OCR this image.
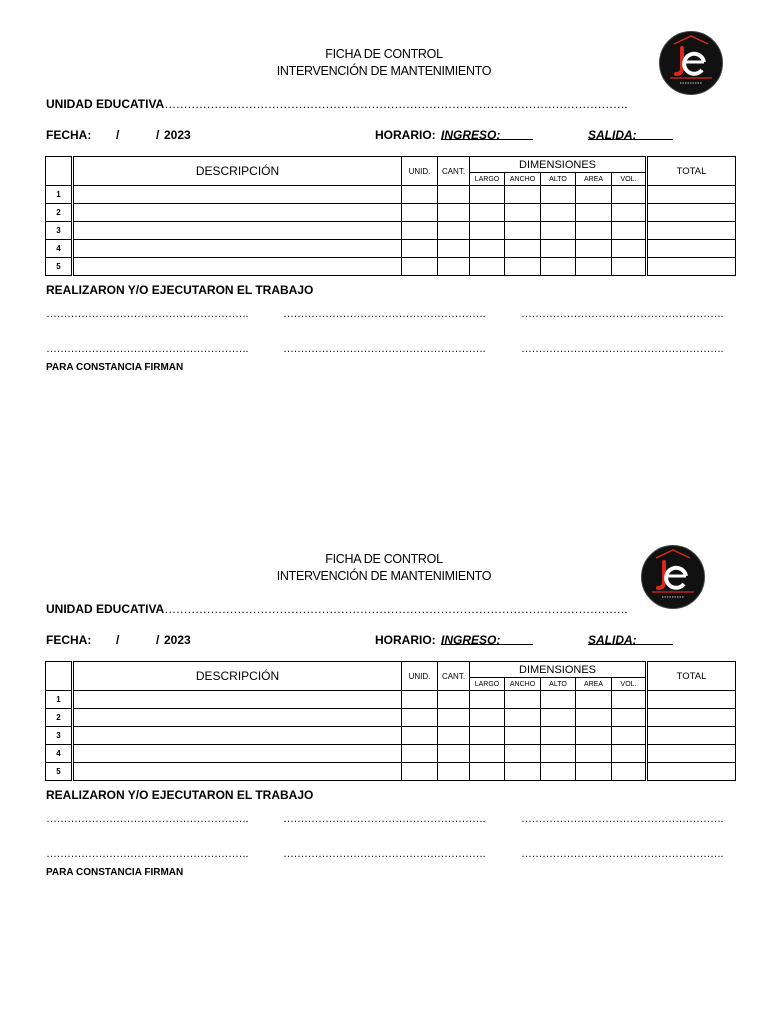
FICHA DE CONTROL
INTERVENCIÓN DE MANTENIMIENTO
UNIDAD EDUCATIVA………………………………………………………………………………………………………….
FECHA: /	/ 2023	HORARIO: INGRESO:	SALIDA:
	DESCRIPCIÓN	UNID.	CANT.	DIMENSIONES					TOTAL
				LARGO	ANCHO	ALTO	AREA	VOL.	
1									
2									
3									
4									
5									
REALIZARON Y/O EJECUTARON EL TRABAJO
………………………………………………….	………………………………………………….	………………………………………………….
………………………………………………….	………………………………………………….	………………………………………………….
PARA CONSTANCIA FIRMAN
FICHA DE CONTROL
INTERVENCIÓN DE MANTENIMIENTO
UNIDAD EDUCATIVA………………………………………………………………………………………………………….
FECHA: /	/ 2023	HORARIO: INGRESO:	SALIDA:
	DESCRIPCIÓN	UNID.	CANT.	DIMENSIONES					TOTAL
				LARGO	ANCHO	ALTO	AREA	VOL.	
1									
2									
3									
4									
5									
REALIZARON Y/O EJECUTARON EL TRABAJO
………………………………………………….	………………………………………………….	………………………………………………….
………………………………………………….	………………………………………………….	………………………………………………….
PARA CONSTANCIA FIRMAN
